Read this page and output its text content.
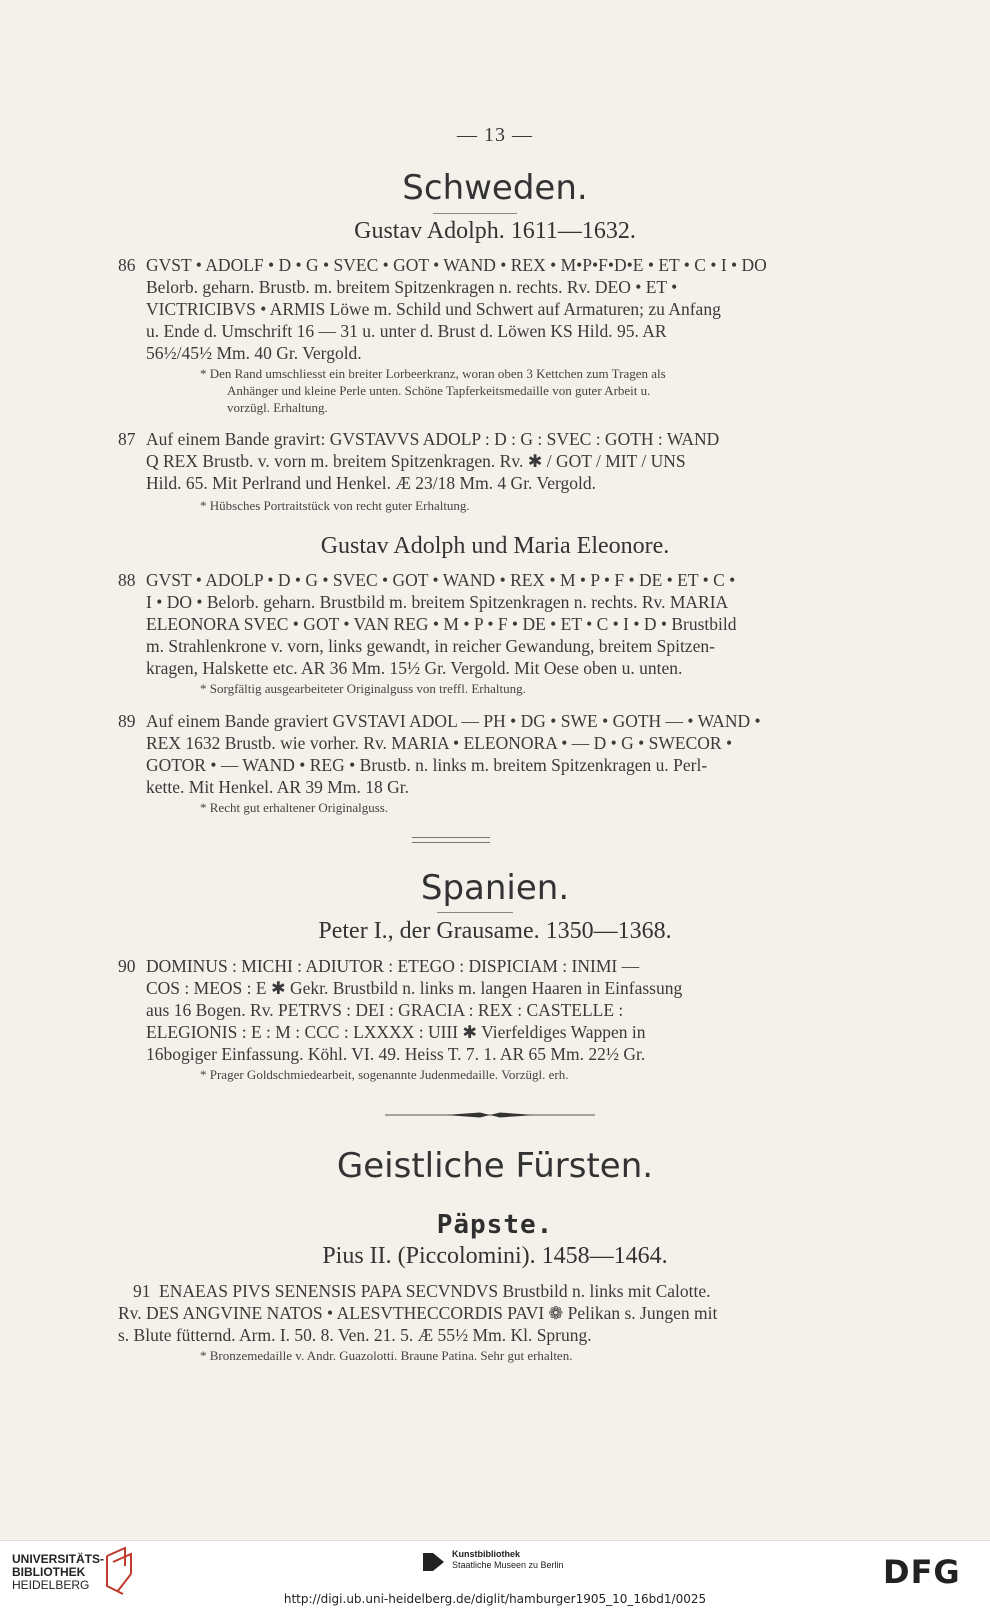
— 13 —
Schweden.
Gustav Adolph. 1611—1632.
86 GVST • ADOLF • D • G • SVEC • GOT • WAND • REX • M•P•F•D•E • ET • C • I • DO

Belorb. geharn. Brustb. m. breitem Spitzenkragen n. rechts. Rv. DEO • ET •

VICTRICIBVS • ARMIS Löwe m. Schild und Schwert auf Armaturen; zu Anfang

u. Ende d. Umschrift 16 — 31 u. unter d. Brust d. Löwen KS Hild. 95. AR

56½/45½ Mm. 40 Gr. Vergold.

* Den Rand umschliesst ein breiter Lorbeerkranz, woran oben 3 Kettchen zum Tragen als
Anhänger und kleine Perle unten. Schöne Tapferkeitsmedaille von guter Arbeit u.
vorzügl. Erhaltung.
87 Auf einem Bande gravirt: GVSTAVVS ADOLP : D : G : SVEC : GOTH : WAND

Q REX Brustb. v. vorn m. breitem Spitzenkragen. Rv. ✱ / GOT / MIT / UNS

Hild. 65. Mit Perlrand und Henkel. Æ 23/18 Mm. 4 Gr. Vergold.

* Hübsches Portraitstück von recht guter Erhaltung.
Gustav Adolph und Maria Eleonore.
88 GVST • ADOLP • D • G • SVEC • GOT • WAND • REX • M • P • F • DE • ET • C •

I • DO • Belorb. geharn. Brustbild m. breitem Spitzenkragen n. rechts. Rv. MARIA

ELEONORA SVEC • GOT • VAN REG • M • P • F • DE • ET • C • I • D • Brustbild

m. Strahlenkrone v. vorn, links gewandt, in reicher Gewandung, breitem Spitzen-

kragen, Halskette etc. AR 36 Mm. 15½ Gr. Vergold. Mit Oese oben u. unten.

* Sorgfältig ausgearbeiteter Originalguss von treffl. Erhaltung.
89 Auf einem Bande graviert GVSTAVI ADOL — PH • DG • SWE • GOTH — • WAND •

REX 1632 Brustb. wie vorher. Rv. MARIA • ELEONORA • — D • G • SWECOR •

GOTOR • — WAND • REG • Brustb. n. links m. breitem Spitzenkragen u. Perl-

kette. Mit Henkel. AR 39 Mm. 18 Gr.

* Recht gut erhaltener Originalguss.
Spanien.
Peter I., der Grausame. 1350—1368.
90 DOMINUS : MICHI : ADIUTOR : ETEGO : DISPICIAM : INIMI —

COS : MEOS : E ✱ Gekr. Brustbild n. links m. langen Haaren in Einfassung

aus 16 Bogen. Rv. PETRVS : DEI : GRACIA : REX : CASTELLE :

ELEGIONIS : E : M : CCC : LXXXX : UIII ✱ Vierfeldiges Wappen in

16bogiger Einfassung. Köhl. VI. 49. Heiss T. 7. 1. AR 65 Mm. 22½ Gr.

* Prager Goldschmiedearbeit, sogenannte Judenmedaille. Vorzügl. erh.
Geistliche Fürsten.
Päpste.
Pius II. (Piccolomini). 1458—1464.
91 ENAEAS PIVS SENENSIS PAPA SECVNDVS Brustbild n. links mit Calotte.

Rv. DES ANGVINE NATOS • ALESVTHECCORDIS PAVI ❁ Pelikan s. Jungen mit

s. Blute fütternd. Arm. I. 50. 8. Ven. 21. 5. Æ 55½ Mm. Kl. Sprung.

* Bronzemedaille v. Andr. Guazolotti. Braune Patina. Sehr gut erhalten.
UNIVERSITÄTS-
BIBLIOTHEK
HEIDELBERG
Kunstbibliothek
Staatliche Museen zu Berlin	DFG
http://digi.ub.uni-heidelberg.de/diglit/hamburger1905_10_16bd1/0025
